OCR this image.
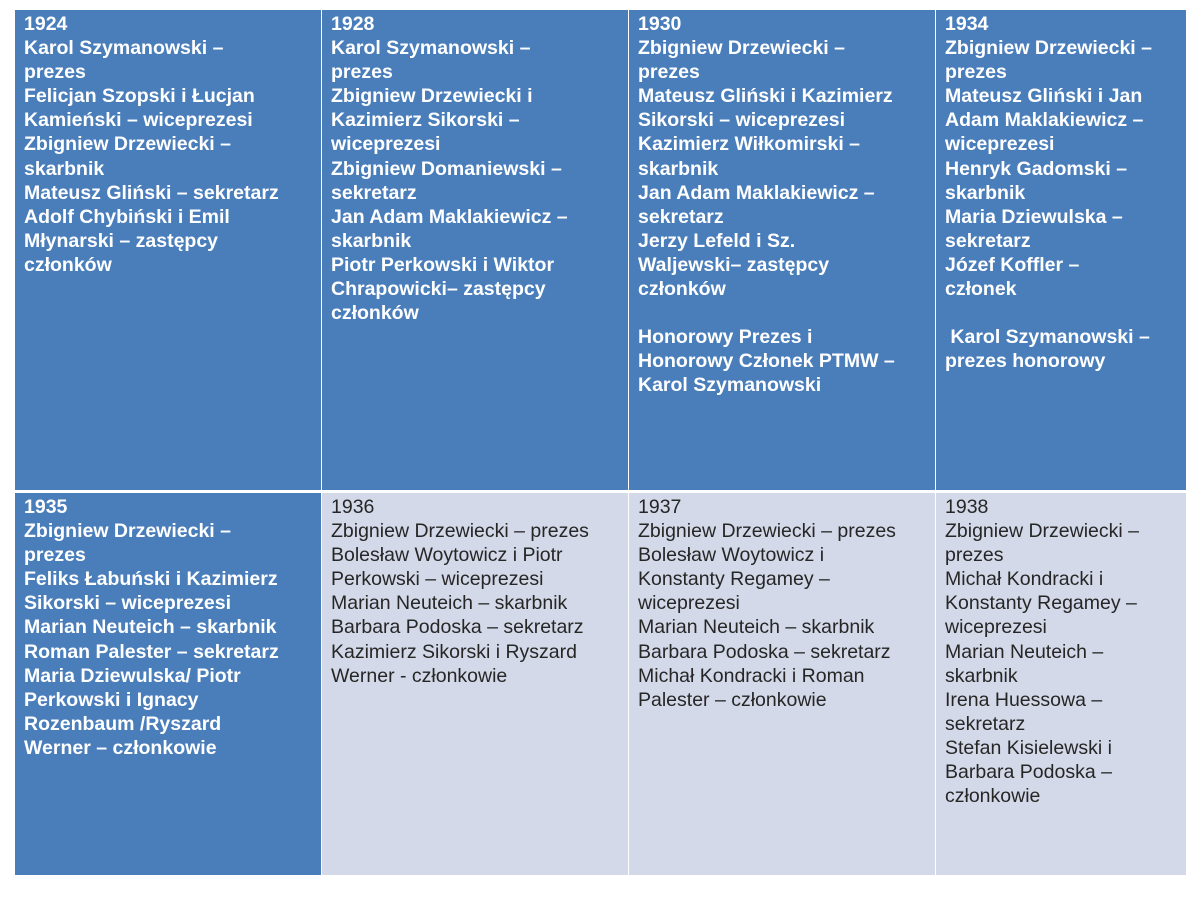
1924
Karol Szymanowski –
prezes
Felicjan Szopski i Łucjan
Kamieński – wiceprezesi
Zbigniew Drzewiecki –
skarbnik
Mateusz Gliński – sekretarz
Adolf Chybiński i Emil
Młynarski – zastępcy
członków
1928
Karol Szymanowski –
prezes
Zbigniew Drzewiecki i
Kazimierz Sikorski –
wiceprezesi
Zbigniew Domaniewski –
sekretarz
Jan Adam Maklakiewicz –
skarbnik
Piotr Perkowski i Wiktor
Chrapowicki– zastępcy
członków
1930
Zbigniew Drzewiecki –
prezes
Mateusz Gliński i Kazimierz
Sikorski – wiceprezesi
Kazimierz Wiłkomirski –
skarbnik
Jan Adam Maklakiewicz –
sekretarz
Jerzy Lefeld i Sz.
Waljewski– zastępcy
członków

Honorowy Prezes i
Honorowy Członek PTMW –
Karol Szymanowski
1934
Zbigniew Drzewiecki –
prezes
Mateusz Gliński i Jan
Adam Maklakiewicz –
wiceprezesi
Henryk Gadomski –
skarbnik
Maria Dziewulska –
sekretarz
Józef Koffler –
członek

Karol Szymanowski –
prezes honorowy
1935
Zbigniew Drzewiecki –
prezes
Feliks Łabuński i Kazimierz
Sikorski – wiceprezesi
Marian Neuteich – skarbnik
Roman Palester – sekretarz
Maria Dziewulska/ Piotr
Perkowski i Ignacy
Rozenbaum /Ryszard
Werner – członkowie
1936
Zbigniew Drzewiecki – prezes
Bolesław Woytowicz i Piotr
Perkowski – wiceprezesi
Marian Neuteich – skarbnik
Barbara Podoska – sekretarz
Kazimierz Sikorski i Ryszard
Werner - członkowie
1937
Zbigniew Drzewiecki – prezes
Bolesław Woytowicz i
Konstanty Regamey –
wiceprezesi
Marian Neuteich – skarbnik
Barbara Podoska – sekretarz
Michał Kondracki i Roman
Palester – członkowie
1938
Zbigniew Drzewiecki –
prezes
Michał Kondracki i
Konstanty Regamey –
wiceprezesi
Marian Neuteich –
skarbnik
Irena Huessowa –
sekretarz
Stefan Kisielewski i
Barbara Podoska –
członkowie
